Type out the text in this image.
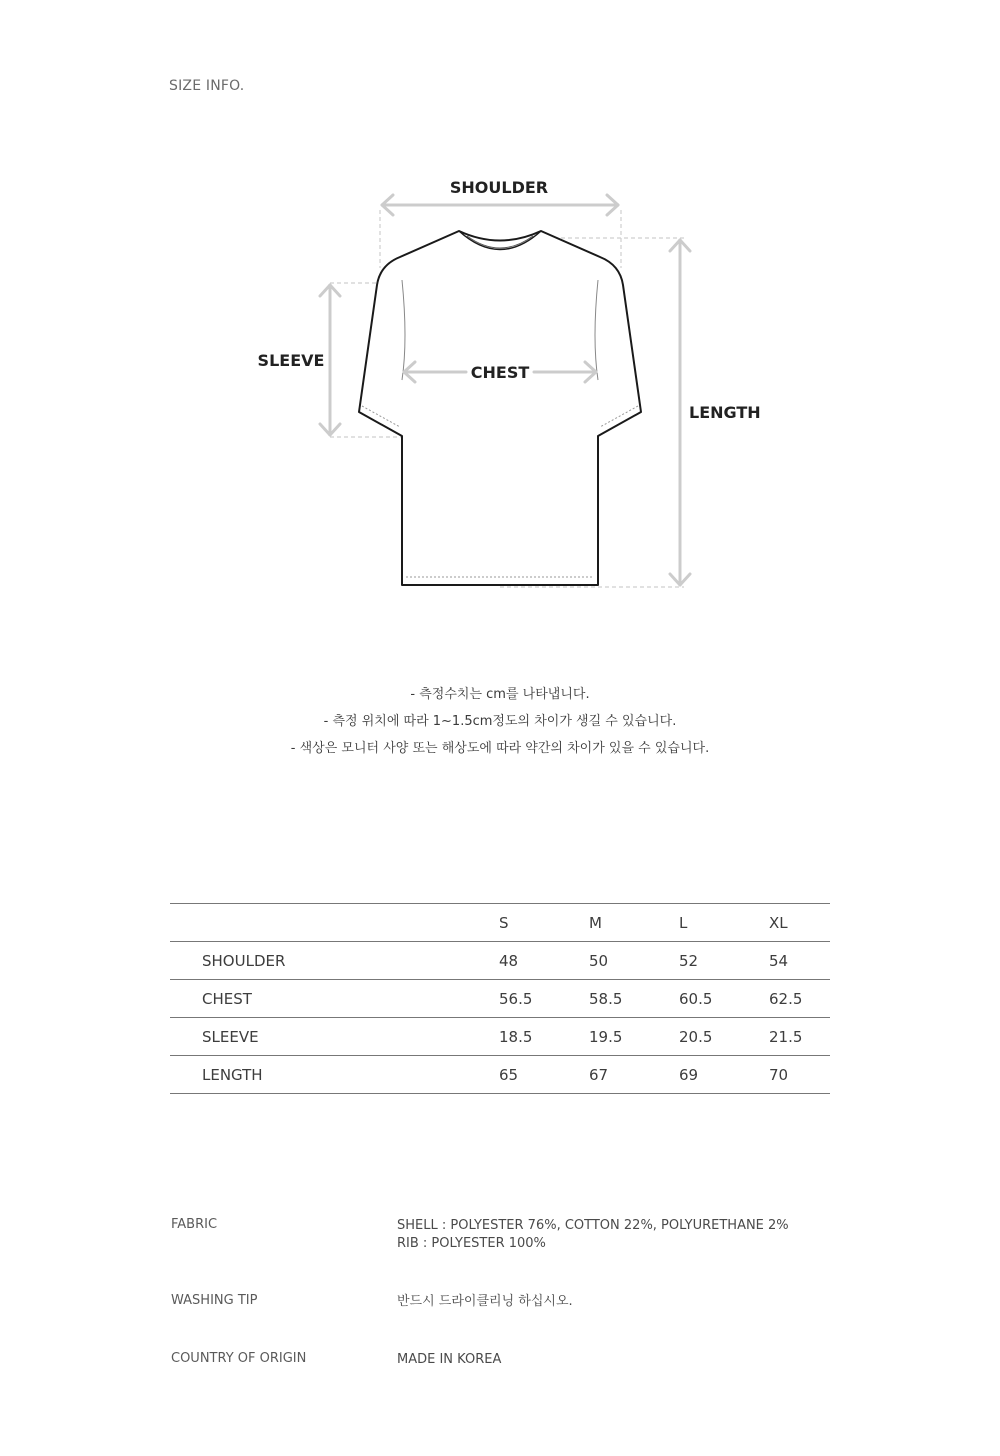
SIZE INFO.
SHOULDER
SLEEVE
CHEST
LENGTH
- 측정수치는 cm를 나타냅니다.
- 측정 위치에 따라 1~1.5cm정도의 차이가 생길 수 있습니다.
- 색상은 모니터 사양 또는 해상도에 따라 약간의 차이가 있을 수 있습니다.
	S	M	L	XL
SHOULDER	48	50	52	54
CHEST	56.5	58.5	60.5	62.5
SLEEVE	18.5	19.5	20.5	21.5
LENGTH	65	67	69	70
FABRIC	SHELL : POLYESTER 76%, COTTON 22%, POLYURETHANE 2%
RIB : POLYESTER 100%
WASHING TIP	반드시 드라이클리닝 하십시오.
COUNTRY OF ORIGIN	MADE IN KOREA
